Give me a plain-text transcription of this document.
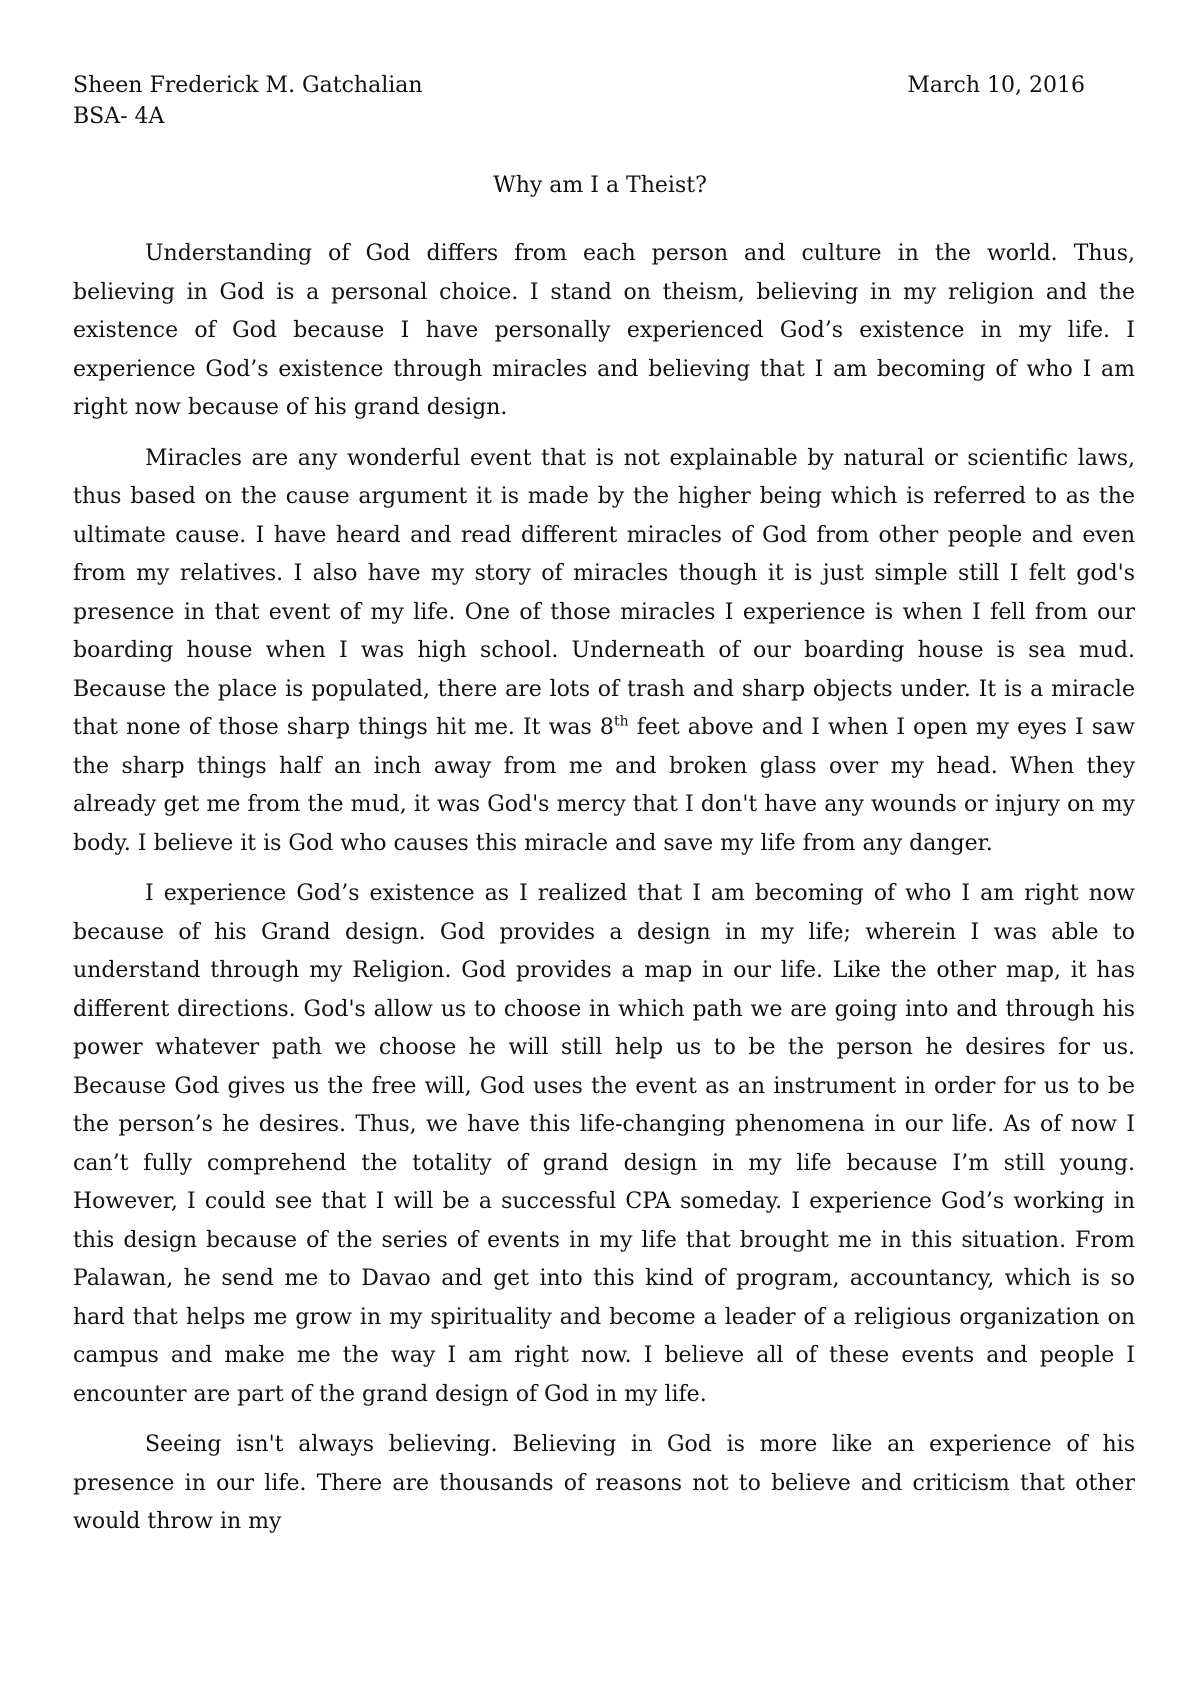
Sheen Frederick M. Gatchalian
BSA- 4A
March 10, 2016
Why am I a Theist?

Understanding of God differs from each person and culture in the world. Thus, believing in God is a personal choice. I stand on theism, believing in my religion and the existence of God because I have personally experienced God’s existence in my life. I experience God’s existence through miracles and believing that I am becoming of who I am right now because of his grand design.

Miracles are any wonderful event that is not explainable by natural or scientific laws, thus based on the cause argument it is made by the higher being which is referred to as the ultimate cause. I have heard and read different miracles of God from other people and even from my relatives. I also have my story of miracles though it is just simple still I felt god's presence in that event of my life. One of those miracles I experience is when I fell from our boarding house when I was high school. Underneath of our boarding house is sea mud. Because the place is populated, there are lots of trash and sharp objects under. It is a miracle that none of those sharp things hit me. It was 8th feet above and I when I open my eyes I saw the sharp things half an inch away from me and broken glass over my head. When they already get me from the mud, it was God's mercy that I don't have any wounds or injury on my body. I believe it is God who causes this miracle and save my life from any danger.

I experience God’s existence as I realized that I am becoming of who I am right now because of his Grand design. God provides a design in my life; wherein I was able to understand through my Religion. God provides a map in our life. Like the other map, it has different directions. God's allow us to choose in which path we are going into and through his power whatever path we choose he will still help us to be the person he desires for us. Because God gives us the free will, God uses the event as an instrument in order for us to be the person’s he desires. Thus, we have this life-changing phenomena in our life. As of now I can’t fully comprehend the totality of grand design in my life because I’m still young. However, I could see that I will be a successful CPA someday. I experience God’s working in this design because of the series of events in my life that brought me in this situation. From Palawan, he send me to Davao and get into this kind of program, accountancy, which is so hard that helps me grow in my spirituality and become a leader of a religious organization on campus and make me the way I am right now. I believe all of these events and people I encounter are part of the grand design of God in my life.

Seeing isn't always believing. Believing in God is more like an experience of his presence in our life. There are thousands of reasons not to believe and criticism that other would throw in my
